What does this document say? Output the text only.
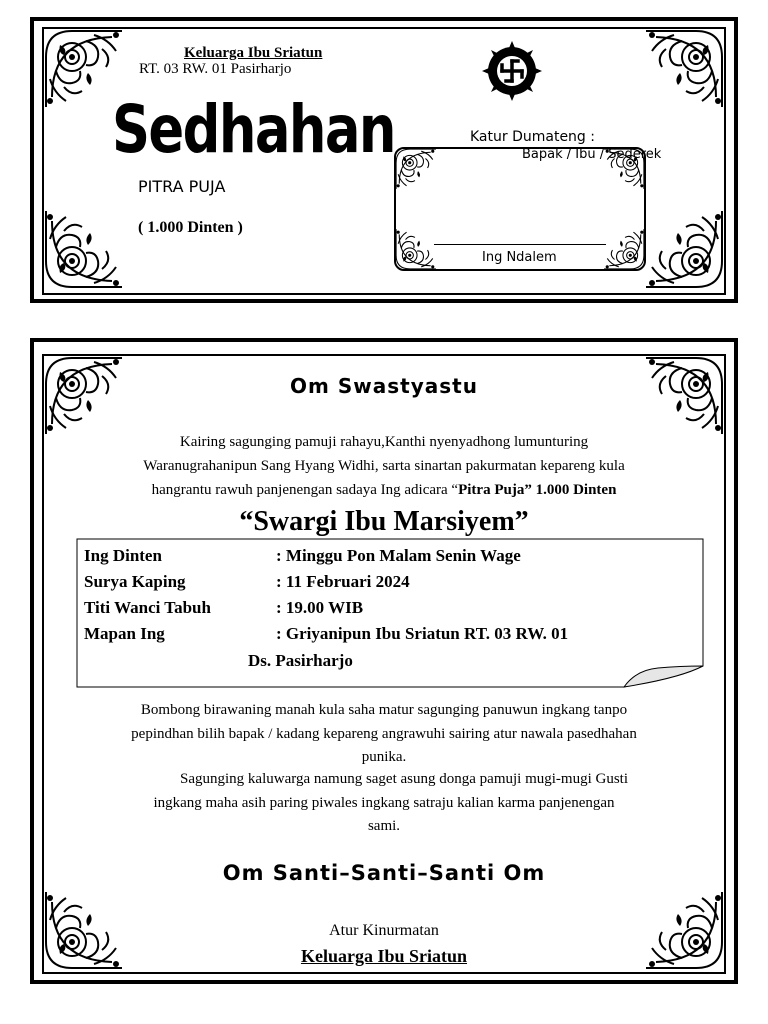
Keluarga Ibu Sriatun
RT. 03 RW. 01 Pasirharjo
Sedhahan
PITRA PUJA
( 1.000 Dinten )
Ing Ndalem
Katur Dumateng :
Bapak / Ibu / Sederek
Om Swastyastu
Kairing sagunging pamuji rahayu,Kanthi nyenyadhong lumunturing
Waranugrahanipun Sang Hyang Widhi, sarta sinartan pakurmatan kepareng kula
hangrantu rawuh panjenengan sadaya Ing adicara “Pitra Puja” 1.000 Dinten
“Swargi Ibu Marsiyem”
Ing Dinten	: Minggu Pon Malam Senin Wage
Surya Kaping	: 11 Februari 2024
Titi Wanci Tabuh	: 19.00 WIB
Mapan Ing	: Griyanipun Ibu Sriatun RT. 03 RW. 01
Ds. Pasirharjo
Bombong birawaning manah kula saha matur sagunging panuwun ingkang tanpo
pepindhan bilih bapak / kadang kepareng angrawuhi sairing atur nawala pasedhahan
punika.
Sagunging kaluwarga namung saget asung donga pamuji mugi-mugi Gusti
ingkang maha asih paring piwales ingkang satraju kalian karma panjenengan
sami.
Om Santi–Santi–Santi Om
Atur Kinurmatan
Keluarga Ibu Sriatun
